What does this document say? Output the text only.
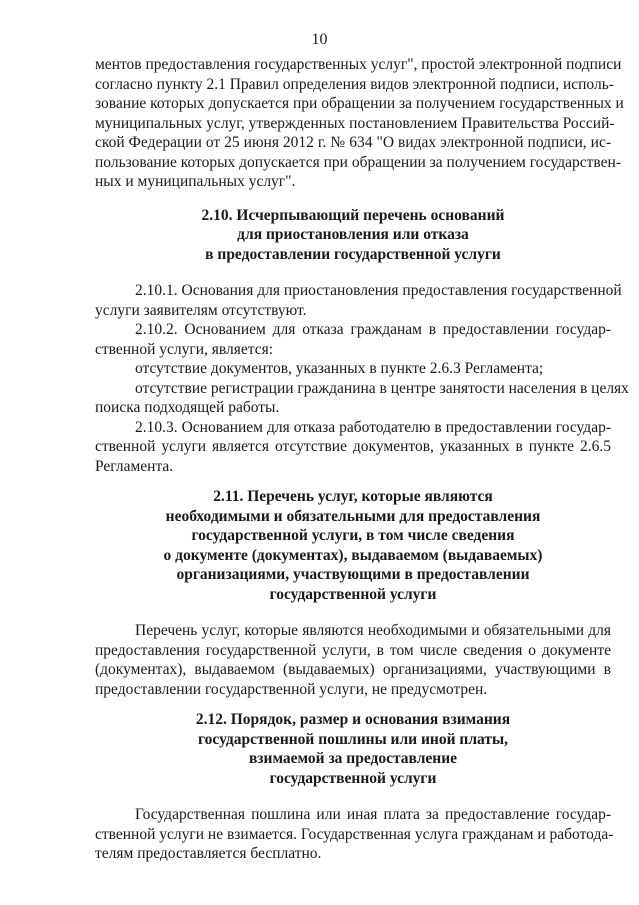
10
ментов предоставления государственных услуг", простой электронной подписи
согласно пункту 2.1 Правил определения видов электронной подписи, исполь-
зование которых допускается при обращении за получением государственных и
муниципальных услуг, утвержденных постановлением Правительства Россий-
ской Федерации от 25 июня 2012 г. № 634 "О видах электронной подписи, ис-
пользование которых допускается при обращении за получением государствен-
ных и муниципальных услуг".
2.10. Исчерпывающий перечень оснований
для приостановления или отказа
в предоставлении государственной услуги
2.10.1. Основания для приостановления предоставления государственной
услуги заявителям отсутствуют.
2.10.2. Основанием для отказа гражданам в предоставлении государ-
ственной услуги, является:
отсутствие документов, указанных в пункте 2.6.3 Регламента;
отсутствие регистрации гражданина в центре занятости населения в целях
поиска подходящей работы.
2.10.3. Основанием для отказа работодателю в предоставлении государ-
ственной услуги является отсутствие документов, указанных в пункте 2.6.5
Регламента.
2.11. Перечень услуг, которые являются
необходимыми и обязательными для предоставления
государственной услуги, в том числе сведения
о документе (документах), выдаваемом (выдаваемых)
организациями, участвующими в предоставлении
государственной услуги
Перечень услуг, которые являются необходимыми и обязательными для
предоставления государственной услуги, в том числе сведения о документе
(документах), выдаваемом (выдаваемых) организациями, участвующими в
предоставлении государственной услуги, не предусмотрен.
2.12. Порядок, размер и основания взимания
государственной пошлины или иной платы,
взимаемой за предоставление
государственной услуги
Государственная пошлина или иная плата за предоставление государ-
ственной услуги не взимается. Государственная услуга гражданам и работода-
телям предоставляется бесплатно.
